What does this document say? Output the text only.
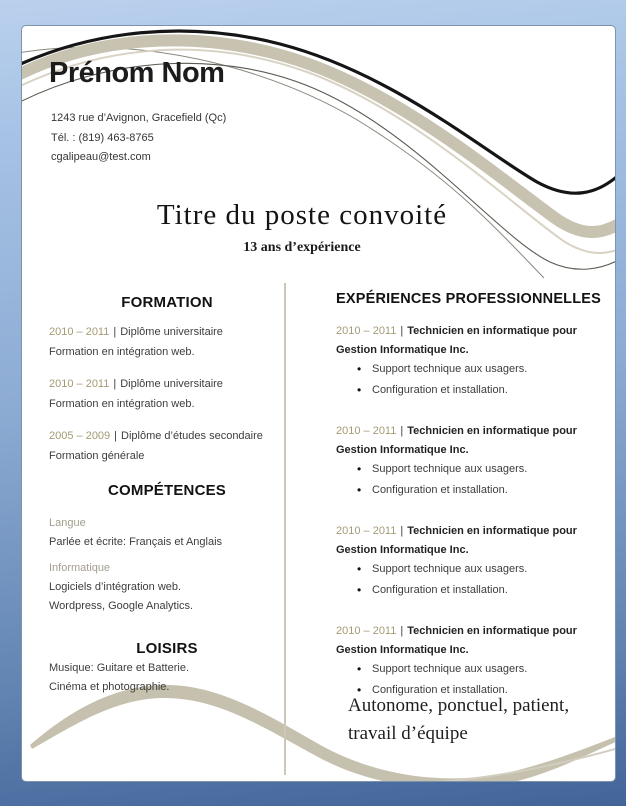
Prénom Nom
1243 rue d’Avignon, Gracefield (Qc)
Tél. : (819) 463-8765
cgalipeau@test.com
Titre du poste convoité
13 ans d’expérience
FORMATION

2010 – 2011 | Diplôme universitaire

Formation en intégration web.

2010 – 2011 | Diplôme universitaire

Formation en intégration web.

2005 – 2009 | Diplôme d’études secondaire

Formation générale

COMPÉTENCES

Langue

Parlée et écrite: Français et Anglais

Informatique

Logiciels d’intégration web.

Wordpress, Google Analytics.

LOISIRS

Musique: Guitare et Batterie.

Cinéma et photographie.

EXPÉRIENCES PROFESSIONNELLES

2010 – 2011 | Technicien en informatique pour

Gestion Informatique Inc.

•
Support technique aux usagers.
•
Configuration et installation.

2010 – 2011 | Technicien en informatique pour

Gestion Informatique Inc.

•
Support technique aux usagers.
•
Configuration et installation.

2010 – 2011 | Technicien en informatique pour

Gestion Informatique Inc.

•
Support technique aux usagers.
•
Configuration et installation.

2010 – 2011 | Technicien en informatique pour

Gestion Informatique Inc.

•
Support technique aux usagers.
•
Configuration et installation.
Autonome, ponctuel, patient,
travail d’équipe
